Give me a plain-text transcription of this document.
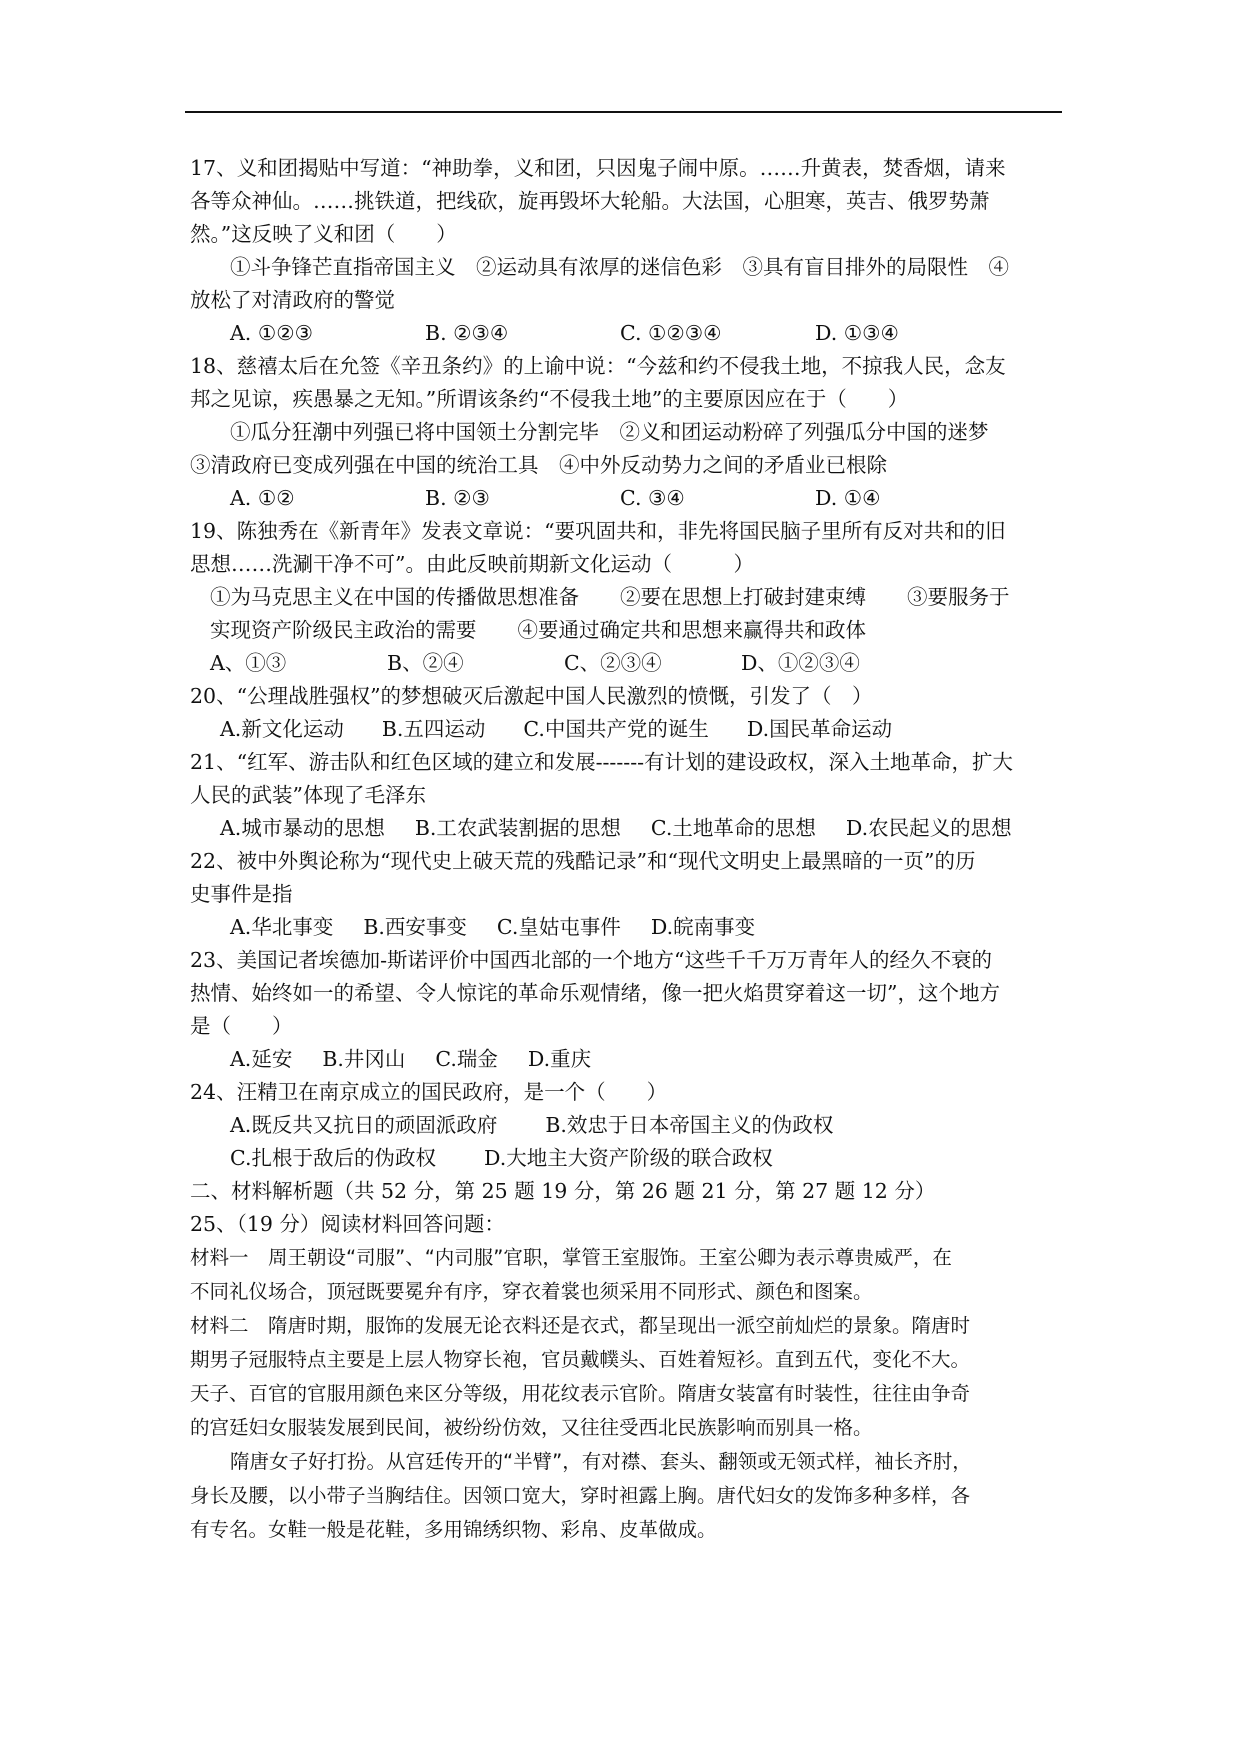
17、义和团揭贴中写道：“神助拳，义和团，只因鬼子闹中原。……升黄表，焚香烟，请来
各等众神仙。……挑铁道，把线砍，旋再毁坏大轮船。大法国，心胆寒，英吉、俄罗势萧
然。”这反映了义和团（　　）
①斗争锋芒直指帝国主义　②运动具有浓厚的迷信色彩　③具有盲目排外的局限性　④
放松了对清政府的警觉
A. ①②③	B. ②③④	C. ①②③④	D. ①③④
18、慈禧太后在允签《辛丑条约》的上谕中说：“今兹和约不侵我土地，不掠我人民，念友
邦之见谅，疾愚暴之无知。”所谓该条约“不侵我土地”的主要原因应在于（　　）
①瓜分狂潮中列强已将中国领土分割完毕　②义和团运动粉碎了列强瓜分中国的迷梦
③清政府已变成列强在中国的统治工具　④中外反动势力之间的矛盾业已根除
A. ①②	B. ②③	C. ③④	D. ①④
19、陈独秀在《新青年》发表文章说：“要巩固共和，非先将国民脑子里所有反对共和的旧
思想……洗涮干净不可”。由此反映前期新文化运动（　　　）
①为马克思主义在中国的传播做思想准备　　②要在思想上打破封建束缚　　③要服务于
实现资产阶级民主政治的需要　　④要通过确定共和思想来赢得共和政体
A、①③	B、②④	C、②③④	D、①②③④
20、“公理战胜强权”的梦想破灭后激起中国人民激烈的愤慨，引发了（　）
A.新文化运动 B.五四运动 C.中国共产党的诞生 D.国民革命运动
21、“红军、游击队和红色区域的建立和发展-------有计划的建设政权，深入土地革命，扩大
人民的武装”体现了毛泽东
A.城市暴动的思想 B.工农武装割据的思想 C.土地革命的思想 D.农民起义的思想
22、被中外舆论称为“现代史上破天荒的残酷记录”和“现代文明史上最黑暗的一页”的历
史事件是指
A.华北事变 B.西安事变 C.皇姑屯事件 D.皖南事变
23、美国记者埃德加-斯诺评价中国西北部的一个地方“这些千千万万青年人的经久不衰的
热情、始终如一的希望、令人惊诧的革命乐观情绪，像一把火焰贯穿着这一切”，这个地方
是（　　）
A.延安 B.井冈山 C.瑞金 D.重庆
24、汪精卫在南京成立的国民政府，是一个（　　）
A.既反共又抗日的顽固派政府 B.效忠于日本帝国主义的伪政权
C.扎根于敌后的伪政权 D.大地主大资产阶级的联合政权
二、材料解析题（共 52 分，第 25 题 19 分，第 26 题 21 分，第 27 题 12 分）
25、（19 分）阅读材料回答问题：
材料一　周王朝设“司服”、“内司服”官职，掌管王室服饰。王室公卿为表示尊贵威严，在
不同礼仪场合，顶冠既要冕弁有序，穿衣着裳也须采用不同形式、颜色和图案。
材料二　隋唐时期，服饰的发展无论衣料还是衣式，都呈现出一派空前灿烂的景象。隋唐时
期男子冠服特点主要是上层人物穿长袍，官员戴幞头、百姓着短衫。直到五代，变化不大。
天子、百官的官服用颜色来区分等级，用花纹表示官阶。隋唐女装富有时装性，往往由争奇
的宫廷妇女服装发展到民间，被纷纷仿效，又往往受西北民族影响而别具一格。
隋唐女子好打扮。从宫廷传开的“半臂”，有对襟、套头、翻领或无领式样，袖长齐肘，
身长及腰，以小带子当胸结住。因领口宽大，穿时袒露上胸。唐代妇女的发饰多种多样，各
有专名。女鞋一般是花鞋，多用锦绣织物、彩帛、皮革做成。
